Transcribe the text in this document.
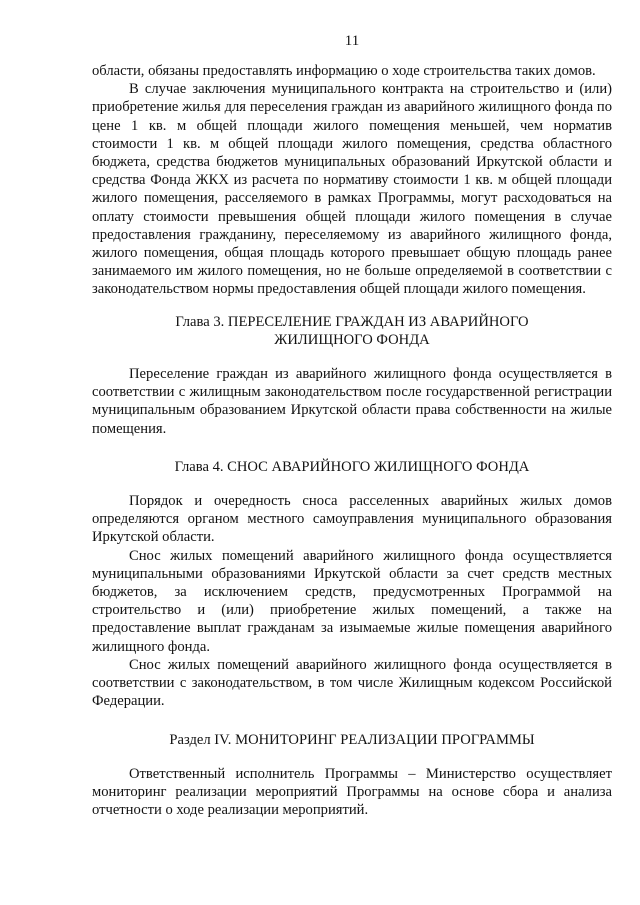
11

области, обязаны предоставлять информацию о ходе строительства таких домов.

В случае заключения муниципального контракта на строительство и (или) приобретение жилья для переселения граждан из аварийного жилищного фонда по цене 1 кв. м общей площади жилого помещения меньшей, чем норматив стоимости 1 кв. м общей площади жилого помещения, средства областного бюджета, средства бюджетов муниципальных образований Иркутской области и средства Фонда ЖКХ из расчета по нормативу стоимости 1 кв. м общей площади жилого помещения, расселяемого в рамках Программы, могут расходоваться на оплату стоимости превышения общей площади жилого помещения в случае предоставления гражданину, переселяемому из аварийного жилищного фонда, жилого помещения, общая площадь которого превышает общую площадь ранее занимаемого им жилого помещения, но не больше определяемой в соответствии с законодательством нормы предоставления общей площади жилого помещения.

Глава 3. ПЕРЕСЕЛЕНИЕ ГРАЖДАН ИЗ АВАРИЙНОГО
ЖИЛИЩНОГО ФОНДА

Переселение граждан из аварийного жилищного фонда осуществляется в соответствии с жилищным законодательством после государственной регистрации муниципальным образованием Иркутской области права собственности на жилые помещения.

Глава 4. СНОС АВАРИЙНОГО ЖИЛИЩНОГО ФОНДА

Порядок и очередность сноса расселенных аварийных жилых домов определяются органом местного самоуправления муниципального образования Иркутской области.

Снос жилых помещений аварийного жилищного фонда осуществляется муниципальными образованиями Иркутской области за счет средств местных бюджетов, за исключением средств, предусмотренных Программой на строительство и (или) приобретение жилых помещений, а также на предоставление выплат гражданам за изымаемые жилые помещения аварийного жилищного фонда.

Снос жилых помещений аварийного жилищного фонда осуществляется в соответствии с законодательством, в том числе Жилищным кодексом Российской Федерации.

Раздел IV. МОНИТОРИНГ РЕАЛИЗАЦИИ ПРОГРАММЫ

Ответственный исполнитель Программы – Министерство осуществляет мониторинг реализации мероприятий Программы на основе сбора и анализа отчетности о ходе реализации мероприятий.
